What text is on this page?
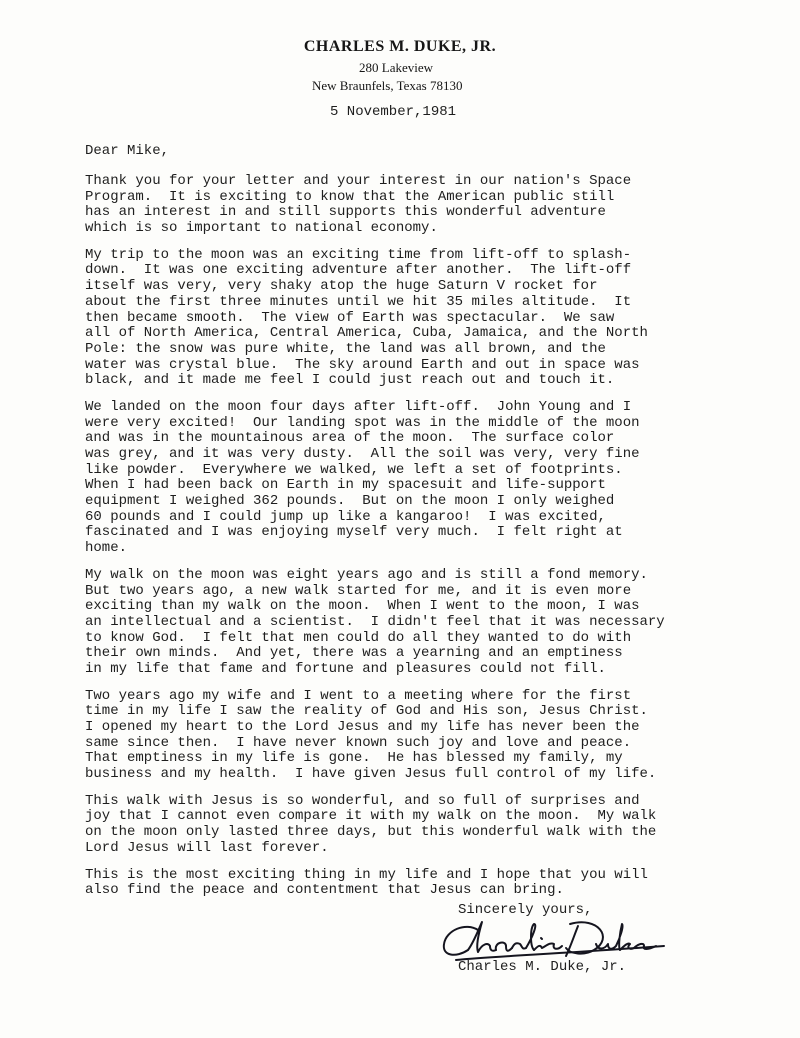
CHARLES M. DUKE, JR.
280 Lakeview
New Braunfels, Texas 78130
5 November,1981
Dear Mike,
Thank you for your letter and your interest in our nation's Space
Program.  It is exciting to know that the American public still
has an interest in and still supports this wonderful adventure
which is so important to national economy.
My trip to the moon was an exciting time from lift-off to splash-
down.  It was one exciting adventure after another.  The lift-off
itself was very, very shaky atop the huge Saturn V rocket for
about the first three minutes until we hit 35 miles altitude.  It
then became smooth.  The view of Earth was spectacular.  We saw
all of North America, Central America, Cuba, Jamaica, and the North
Pole: the snow was pure white, the land was all brown, and the
water was crystal blue.  The sky around Earth and out in space was
black, and it made me feel I could just reach out and touch it.
We landed on the moon four days after lift-off.  John Young and I
were very excited!  Our landing spot was in the middle of the moon
and was in the mountainous area of the moon.  The surface color
was grey, and it was very dusty.  All the soil was very, very fine
like powder.  Everywhere we walked, we left a set of footprints.
When I had been back on Earth in my spacesuit and life-support
equipment I weighed 362 pounds.  But on the moon I only weighed
60 pounds and I could jump up like a kangaroo!  I was excited,
fascinated and I was enjoying myself very much.  I felt right at
home.
My walk on the moon was eight years ago and is still a fond memory.
But two years ago, a new walk started for me, and it is even more
exciting than my walk on the moon.  When I went to the moon, I was
an intellectual and a scientist.  I didn't feel that it was necessary
to know God.  I felt that men could do all they wanted to do with
their own minds.  And yet, there was a yearning and an emptiness
in my life that fame and fortune and pleasures could not fill.
Two years ago my wife and I went to a meeting where for the first
time in my life I saw the reality of God and His son, Jesus Christ.
I opened my heart to the Lord Jesus and my life has never been the
same since then.  I have never known such joy and love and peace.
That emptiness in my life is gone.  He has blessed my family, my
business and my health.  I have given Jesus full control of my life.
This walk with Jesus is so wonderful, and so full of surprises and
joy that I cannot even compare it with my walk on the moon.  My walk
on the moon only lasted three days, but this wonderful walk with the
Lord Jesus will last forever.
This is the most exciting thing in my life and I hope that you will
also find the peace and contentment that Jesus can bring.
Sincerely yours,
Charles M. Duke, Jr.
